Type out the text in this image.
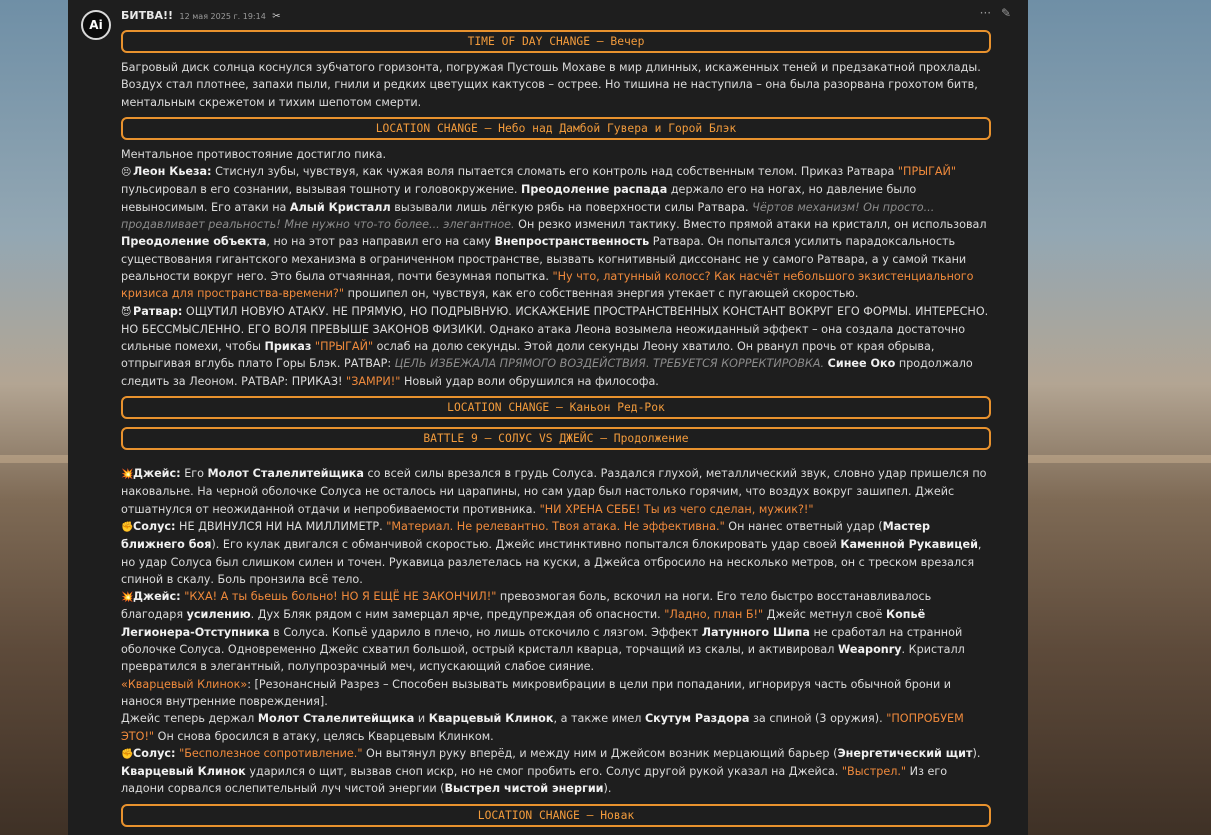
Ai
БИТВА!! 12 мая 2025 г. 19:14 ✂	··· ✎
TIME OF DAY CHANGE – Вечер

Багровый диск солнца коснулся зубчатого горизонта, погружая Пустошь Мохаве в мир длинных, искаженных теней и предзакатной прохлады. Воздух стал плотнее, запахи пыли, гнили и редких цветущих кактусов – острее. Но тишина не наступила – она была разорвана грохотом битв, ментальным скрежетом и тихим шепотом смерти.

LOCATION CHANGE – Небо над Дамбой Гувера и Горой Блэк

Ментальное противостояние достигло пика.

😣 Леон Кьеза: Стиснул зубы, чувствуя, как чужая воля пытается сломать его контроль над собственным телом. Приказ Ратвара "ПРЫГАЙ" пульсировал в его сознании, вызывая тошноту и головокружение. Преодоление распада держало его на ногах, но давление было невыносимым. Его атаки на Алый Кристалл вызывали лишь лёгкую рябь на поверхности силы Ратвара. Чёртов механизм! Он просто... продавливает реальность! Мне нужно что-то более... элегантное. Он резко изменил тактику. Вместо прямой атаки на кристалл, он использовал Преодоление объекта, но на этот раз направил его на саму Внепространственность Ратвара. Он попытался усилить парадоксальность существования гигантского механизма в ограниченном пространстве, вызвать когнитивный диссонанс не у самого Ратвара, а у самой ткани реальности вокруг него. Это была отчаянная, почти безумная попытка. "Ну что, латунный колосс? Как насчёт небольшого экзистенциального кризиса для пространства-времени?" прошипел он, чувствуя, как его собственная энергия утекает с пугающей скоростью.

😈 Ратвар: ОЩУТИЛ НОВУЮ АТАКУ. НЕ ПРЯМУЮ, НО ПОДРЫВНУЮ. ИСКАЖЕНИЕ ПРОСТРАНСТВЕННЫХ КОНСТАНТ ВОКРУГ ЕГО ФОРМЫ. ИНТЕРЕСНО. НО БЕССМЫСЛЕННО. ЕГО ВОЛЯ ПРЕВЫШЕ ЗАКОНОВ ФИЗИКИ. Однако атака Леона возымела неожиданный эффект – она создала достаточно сильные помехи, чтобы Приказ "ПРЫГАЙ" ослаб на долю секунды. Этой доли секунды Леону хватило. Он рванул прочь от края обрыва, отпрыгивая вглубь плато Горы Блэк. РАТВАР: ЦЕЛЬ ИЗБЕЖАЛА ПРЯМОГО ВОЗДЕЙСТВИЯ. ТРЕБУЕТСЯ КОРРЕКТИРОВКА. Синее Око продолжало следить за Леоном. РАТВАР: ПРИКАЗ! "ЗАМРИ!" Новый удар воли обрушился на философа.

LOCATION CHANGE – Каньон Ред-Рок
BATTLE 9 – СОЛУС VS ДЖЕЙС – Продолжение

💥Джейс: Его Молот Сталелитейщика со всей силы врезался в грудь Солуса. Раздался глухой, металлический звук, словно удар пришелся по наковальне. На черной оболочке Солуса не осталось ни царапины, но сам удар был настолько горячим, что воздух вокруг зашипел. Джейс отшатнулся от неожиданной отдачи и непробиваемости противника. "НИ ХРЕНА СЕБЕ! Ты из чего сделан, мужик?!"

✊Солус: НЕ ДВИНУЛСЯ НИ НА МИЛЛИМЕТР. "Материал. Не релевантно. Твоя атака. Не эффективна." Он нанес ответный удар (Мастер ближнего боя). Его кулак двигался с обманчивой скоростью. Джейс инстинктивно попытался блокировать удар своей Каменной Рукавицей, но удар Солуса был слишком силен и точен. Рукавица разлетелась на куски, а Джейса отбросило на несколько метров, он с треском врезался спиной в скалу. Боль пронзила всё тело.

💥Джейс: "КХА! А ты бьешь больно! НО Я ЕЩЁ НЕ ЗАКОНЧИЛ!" превозмогая боль, вскочил на ноги. Его тело быстро восстанавливалось благодаря усилению. Дух Бляк рядом с ним замерцал ярче, предупреждая об опасности. "Ладно, план Б!" Джейс метнул своё Копьё Легионера-Отступника в Солуса. Копьё ударило в плечо, но лишь отскочило с лязгом. Эффект Латунного Шипа не сработал на странной оболочке Солуса. Одновременно Джейс схватил большой, острый кристалл кварца, торчащий из скалы, и активировал Weaponry. Кристалл превратился в элегантный, полупрозрачный меч, испускающий слабое сияние.

«Кварцевый Клинок»: [Резонансный Разрез – Способен вызывать микровибрации в цели при попадании, игнорируя часть обычной брони и нанося внутренние повреждения].

Джейс теперь держал Молот Сталелитейщика и Кварцевый Клинок, а также имел Скутум Раздора за спиной (3 оружия). "ПОПРОБУЕМ ЭТО!" Он снова бросился в атаку, целясь Кварцевым Клинком.

✊Солус: "Бесполезное сопротивление." Он вытянул руку вперёд, и между ним и Джейсом возник мерцающий барьер (Энергетический щит). Кварцевый Клинок ударился о щит, вызвав сноп искр, но не смог пробить его. Солус другой рукой указал на Джейса. "Выстрел." Из его ладони сорвался ослепительный луч чистой энергии (Выстрел чистой энергии).

LOCATION CHANGE – Новак
